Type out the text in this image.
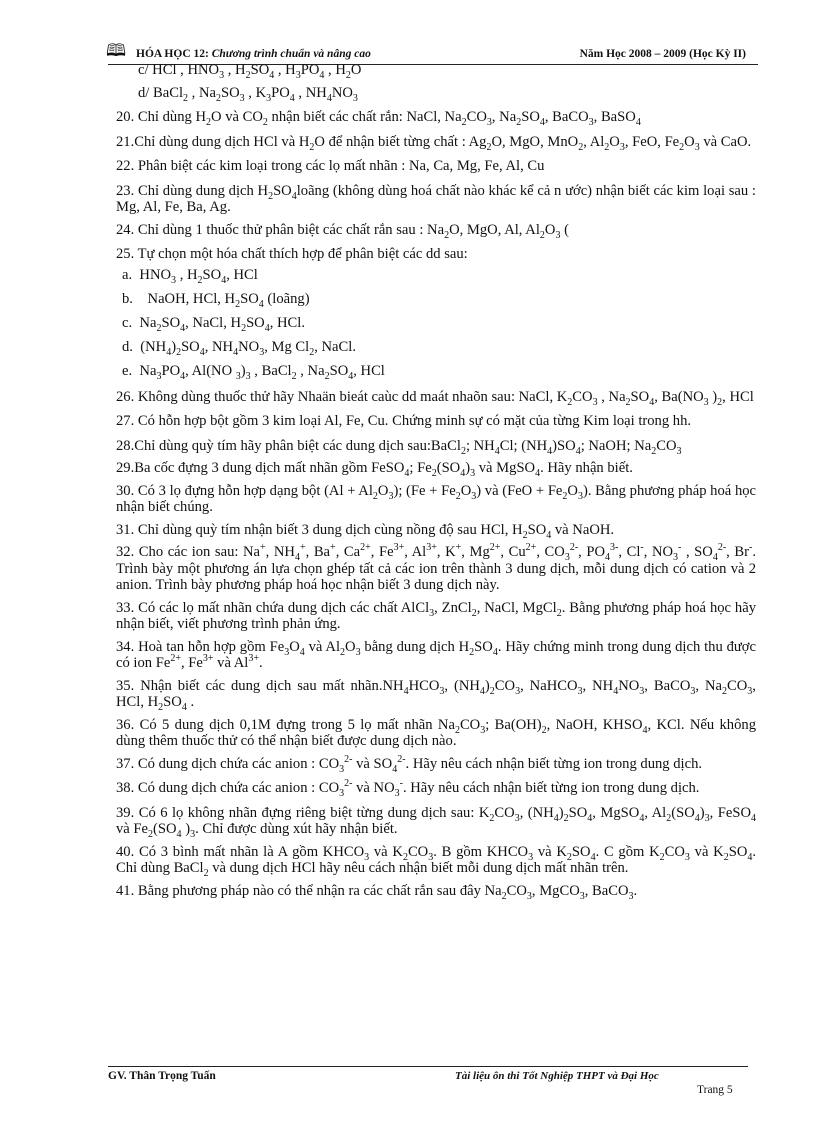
🕮 HÓA HỌC 12: Chương trình chuẩn và nâng cao	Năm Học 2008 – 2009 (Học Kỳ II)
c/ HCl , $HNO_3$ , $H_2SO_4$ , $H_3PO_4$ , $H_2O$
d/ BaCl$_2$ , $Na_2SO_3$ , $K_3PO_4$ , $NH_4NO_3$
20. Chỉ dùng $H_2O$ và $CO_2$ nhận biết các chất rắn: NaCl, $Na_2CO_3$, $Na_2SO_4$, BaCO$_3$, BaSO$_4$
21.Chỉ dùng dung dịch HCl và $H_2O$ để nhận biết từng chất : $Ag_2O$, MgO, MnO$_2$, $Al_2O_3$, FeO, $Fe_2O_3$ và CaO.
22. Phân biệt các kim loại trong các lọ mất nhãn : Na, Ca, Mg, Fe, Al, Cu
23. Chỉ dùng dung dịch $H_2SO_4loãng$ (không dùng hoá chất nào khác kể cả n ước) nhận biết các kim loại sau : Mg, Al, Fe, Ba, Ag.
24. Chỉ dùng 1 thuốc thử phân biệt các chất rắn sau : $Na_2O$, MgO, Al, $Al_2O_3$ (
25. Tự chọn một hóa chất thích hợp để phân biệt các dd sau:
a.  $HNO_3$ , $H_2SO_4$, HCl
b.    NaOH, HCl, $H_2SO_4$ (loãng)
c.  $Na_2SO_4$, NaCl, $H_2SO_4$, HCl.
d.  $(NH_4)_2SO_4$, $NH_4NO_3$, Mg $Cl_2$, NaCl.
e.  $Na_3PO_4$, Al(NO $_3)_3$ , BaCl$_2$ , $Na_2SO_4$, HCl
26. Không dùng thuốc thử hãy Nhaän bieát caùc dd maát nhaõn sau: NaCl, $K_2CO_3$ , $Na_2SO_4$, $Ba(NO_3$ )$_2$, HCl
27. Có hỗn hợp bột gồm 3 kim loại Al, Fe, Cu. Chứng minh sự có mặt của từng Kim loại trong hh.
28.Chỉ dùng quỳ tím hãy phân biệt các dung dịch sau:BaCl$_2$; $NH_4Cl$; $(NH_4)SO_4$; NaOH; $Na_2CO_3$
29.Ba cốc đựng 3 dung dịch mất nhãn gồm FeSO$_4$; $Fe_2(SO_4)_3$ và MgSO$_4$. Hãy nhận biết.
30. Có 3 lọ đựng hỗn hợp dạng bột $(Al + Al_2O_3)$; $(Fe + Fe_2O_3)$ và $(FeO + Fe_2O_3)$. Bằng phương pháp hoá học nhận biết chúng.
31. Chỉ dùng quỳ tím nhận biết 3 dung dịch cùng nồng độ sau HCl, $H_2SO_4$ và NaOH.
32. Cho các ion sau: Na+, $NH_4^+$, Ba+, $Ca^{2+}$, $Fe^{3+}$, $Al^{3+}$, K+, $Mg^{2+}$, $Cu^{2+}$, $CO_3^{2-}$, $PO_4^{3-}$, Cl-, $NO_3^-$ , $SO_4^{2-}$, Br-. Trình bày một phương án lựa chọn ghép tất cả các ion trên thành 3 dung dịch, mỗi dung dịch có cation và 2 anion. Trình bày phương pháp hoá học nhận biết 3 dung dịch này.
33. Có các lọ mất nhãn chứa dung dịch các chất AlCl$_3$, ZnCl$_2$, NaCl, MgCl$_2$. Bằng phương pháp hoá học hãy nhận biết, viết phương trình phản ứng.
34. Hoà tan hỗn hợp gồm $Fe_3O_4$ và $Al_2O_3$ bằng dung dịch $H_2SO_4$. Hãy chứng minh trong dung dịch thu được có ion $Fe^{2+}$, $Fe^{3+}$ và $Al^{3+}$.
35. Nhận biết các dung dịch sau mất $nhãn.NH_4HCO_3$, $(NH_4)_2CO_3$, NaHCO$_3$, $NH_4NO_3$, BaCO$_3$, $Na_2CO_3$, HCl, $H_2SO_4$ .
36. Có 5 dung dịch 0,1M đựng trong 5 lọ mất nhãn $Na_2CO_3$; $Ba(OH)_2$, NaOH, $KHSO_4$, KCl. Nếu không dùng thêm thuốc thử có thể nhận biết được dung dịch nào.
37. Có dung dịch chứa các anion : $CO_3^{2-}$ và $SO_4^{2-}$. Hãy nêu cách nhận biết từng ion trong dung dịch.
38. Có dung dịch chứa các anion : $CO_3^{2-}$ và $NO_3^-$. Hãy nêu cách nhận biết từng ion trong dung dịch.
39. Có 6 lọ không nhãn đựng riêng biệt từng dung dịch sau: $K_2CO_3$, $(NH_4)_2SO_4$, MgSO$_4$, $Al_2(SO_4)_3$, FeSO$_4$ và $Fe_2(SO_4$ )$_3$. Chỉ được dùng xút hãy nhận biết.
40. Có 3 bình mất nhãn là A gồm $KHCO_3$ và $K_2CO_3$. B gồm $KHCO_3$ và $K_2SO_4$. C gồm $K_2CO_3$ và $K_2SO_4$. Chỉ dùng BaCl$_2$ và dung dịch HCl hãy nêu cách nhận biết mỗi dung dịch mất nhãn trên.
41. Bằng phương pháp nào có thể nhận ra các chất rắn sau đây $Na_2CO_3$, MgCO$_3$, BaCO$_3$.
GV. Thân Trọng Tuấn	Tài liệu ôn thi Tốt Nghiệp THPT và Đại Học
Trang 5
